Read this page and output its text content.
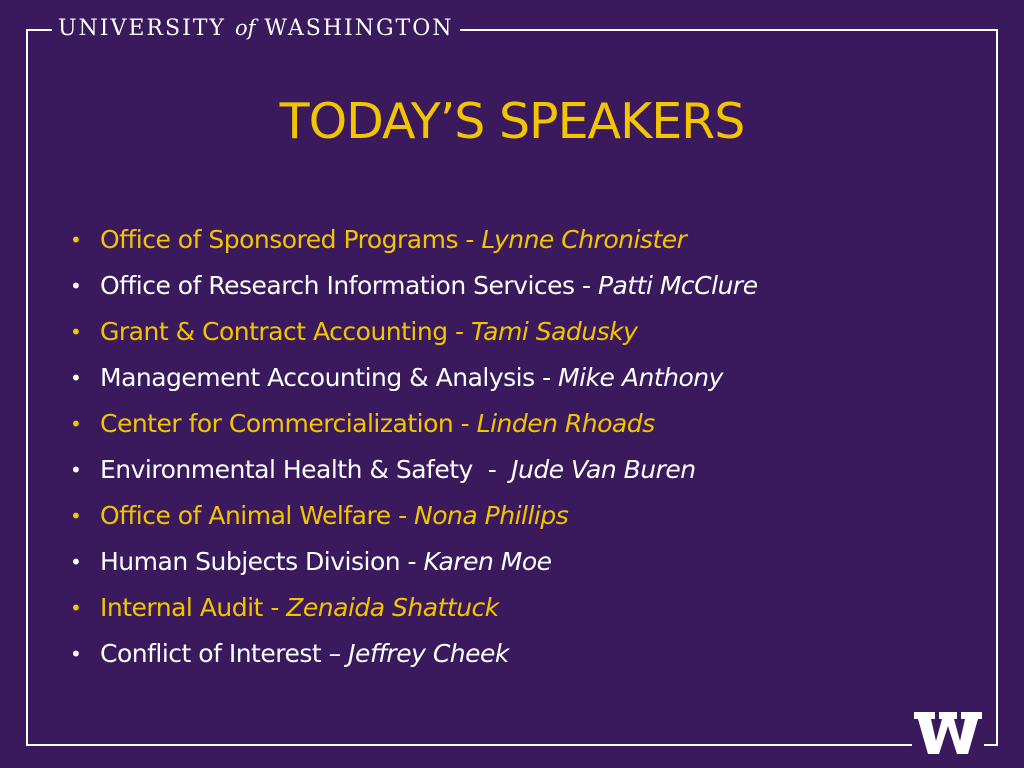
UNIVERSITY of WASHINGTON
TODAY’S SPEAKERS
• Office of Sponsored Programs - Lynne Chronister
• Office of Research Information Services - Patti McClure
• Grant & Contract Accounting - Tami Sadusky
• Management Accounting & Analysis - Mike Anthony
• Center for Commercialization - Linden Rhoads
• Environmental Health & Safety  -  Jude Van Buren
• Office of Animal Welfare - Nona Phillips
• Human Subjects Division - Karen Moe
• Internal Audit - Zenaida Shattuck
• Conflict of Interest – Jeffrey Cheek
